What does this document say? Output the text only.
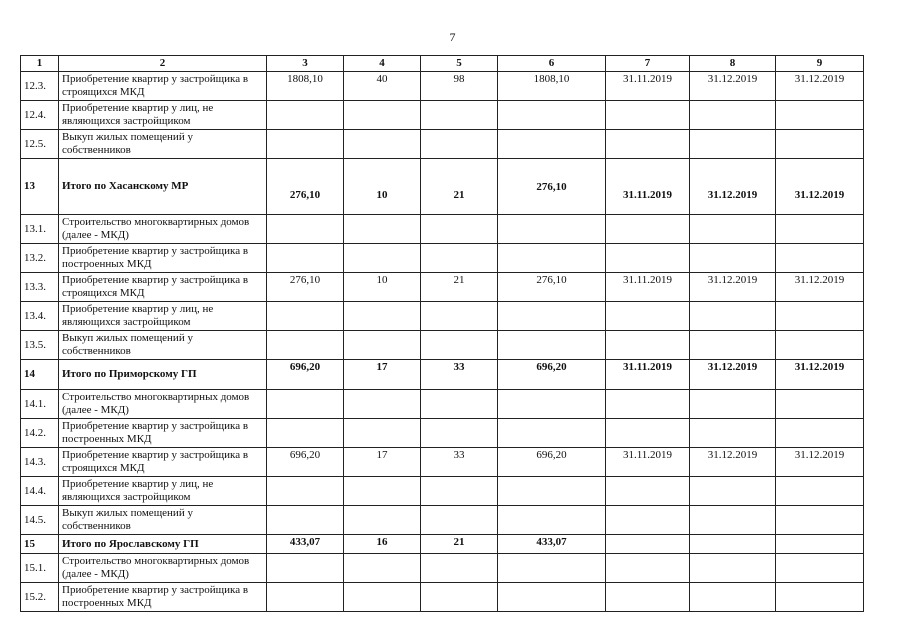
7
1	2	3	4	5	6	7	8	9
12.3.	Приобретение квартир у застройщика в строящихся МКД	1808,10	40	98	1808,10	31.11.2019	31.12.2019	31.12.2019
12.4.	Приобретение квартир у лиц, не являющихся застройщиком							
12.5.	Выкуп жилых помещений у собственников							
13	Итого по Хасанскому МР	276,10	10	21	276,10	31.11.2019	31.12.2019	31.12.2019
13.1.	Строительство многоквартирных домов (далее - МКД)							
13.2.	Приобретение квартир у застройщика в построенных МКД							
13.3.	Приобретение квартир у застройщика в строящихся МКД	276,10	10	21	276,10	31.11.2019	31.12.2019	31.12.2019
13.4.	Приобретение квартир у лиц, не являющихся застройщиком							
13.5.	Выкуп жилых помещений у собственников							
14	Итого по Приморскому ГП	696,20	17	33	696,20	31.11.2019	31.12.2019	31.12.2019
14.1.	Строительство многоквартирных домов (далее - МКД)							
14.2.	Приобретение квартир у застройщика в построенных МКД							
14.3.	Приобретение квартир у застройщика в строящихся МКД	696,20	17	33	696,20	31.11.2019	31.12.2019	31.12.2019
14.4.	Приобретение квартир у лиц, не являющихся застройщиком							
14.5.	Выкуп жилых помещений у собственников							
15	Итого по Ярославскому ГП	433,07	16	21	433,07			
15.1.	Строительство многоквартирных домов (далее - МКД)							
15.2.	Приобретение квартир у застройщика в построенных МКД							
